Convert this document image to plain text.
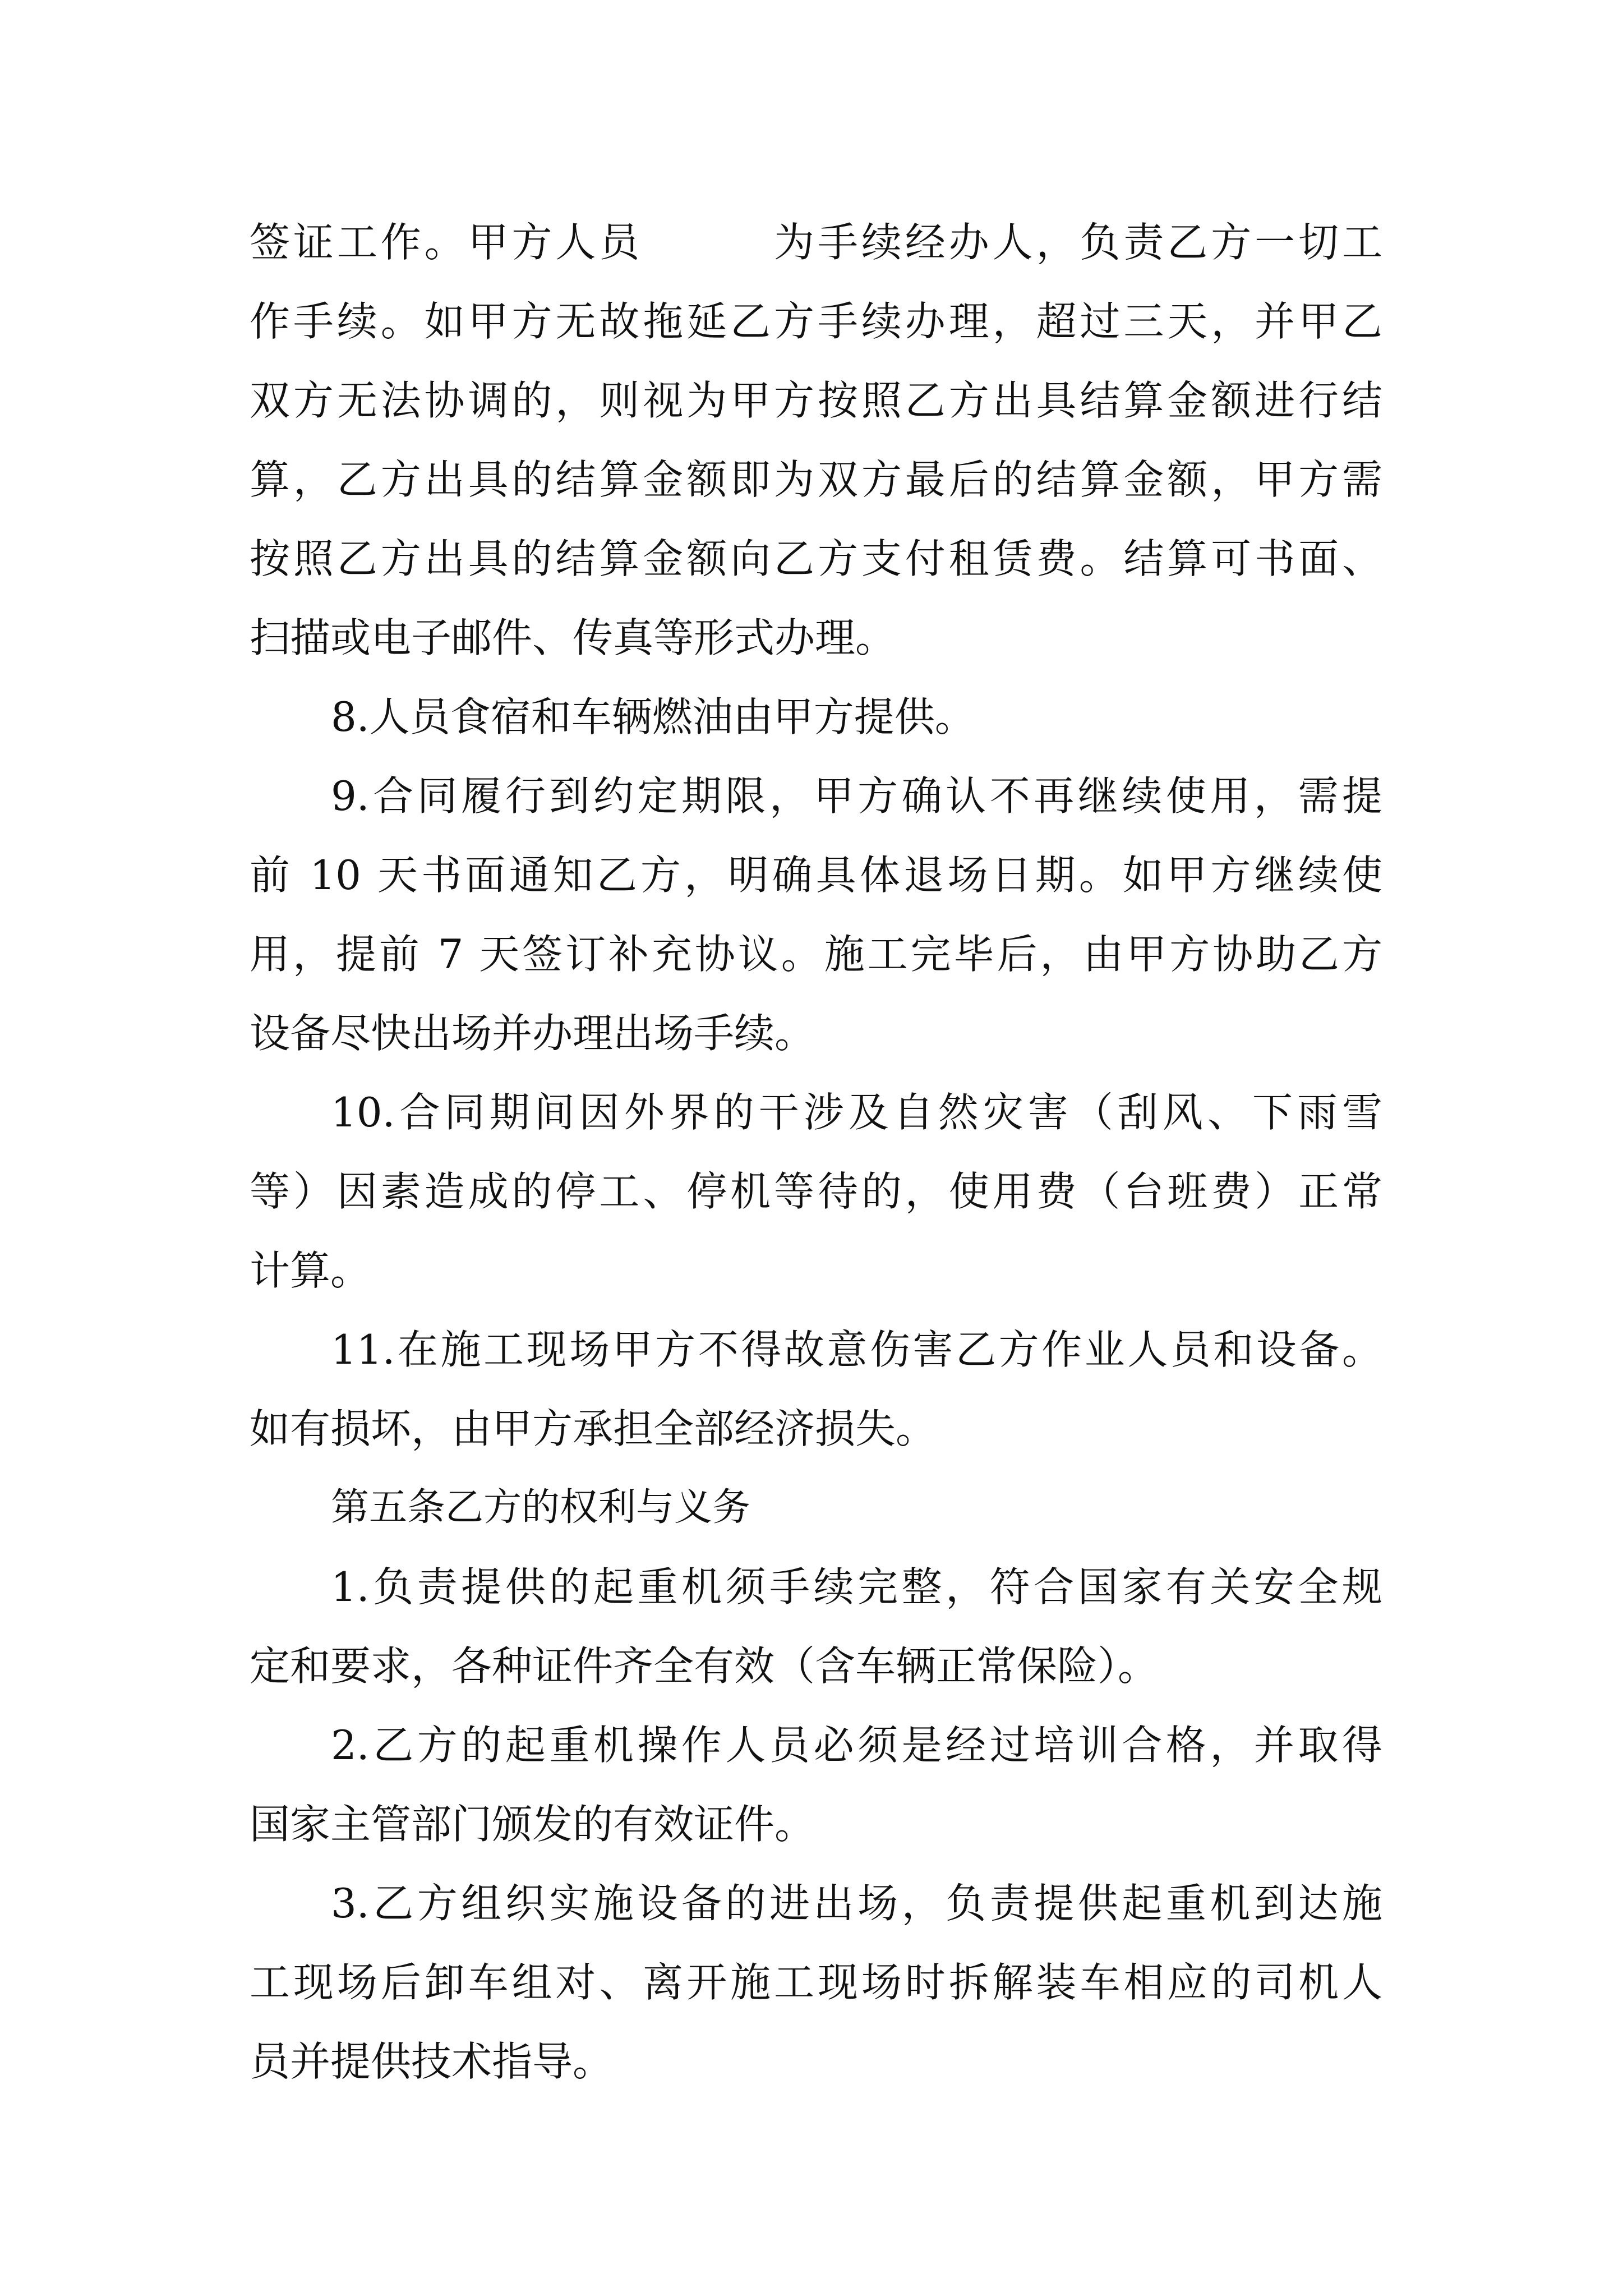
签证工作。甲方人员　　　为手续经办人，负责乙方一切工

作手续。如甲方无故拖延乙方手续办理，超过三天，并甲乙

双方无法协调的，则视为甲方按照乙方出具结算金额进行结

算，乙方出具的结算金额即为双方最后的结算金额，甲方需

按照乙方出具的结算金额向乙方支付租赁费。结算可书面、

扫描或电子邮件、传真等形式办理。

8.人员食宿和车辆燃油由甲方提供。

9.合同履行到约定期限，甲方确认不再继续使用，需提

前 10 天书面通知乙方，明确具体退场日期。如甲方继续使

用，提前 7 天签订补充协议。施工完毕后，由甲方协助乙方

设备尽快出场并办理出场手续。

10.合同期间因外界的干涉及自然灾害（刮风、下雨雪

等）因素造成的停工、停机等待的，使用费（台班费）正常

计算。

11.在施工现场甲方不得故意伤害乙方作业人员和设备。

如有损坏，由甲方承担全部经济损失。

第五条乙方的权利与义务

1.负责提供的起重机须手续完整，符合国家有关安全规

定和要求，各种证件齐全有效（含车辆正常保险）。

2.乙方的起重机操作人员必须是经过培训合格，并取得

国家主管部门颁发的有效证件。

3.乙方组织实施设备的进出场，负责提供起重机到达施

工现场后卸车组对、离开施工现场时拆解装车相应的司机人

员并提供技术指导。
